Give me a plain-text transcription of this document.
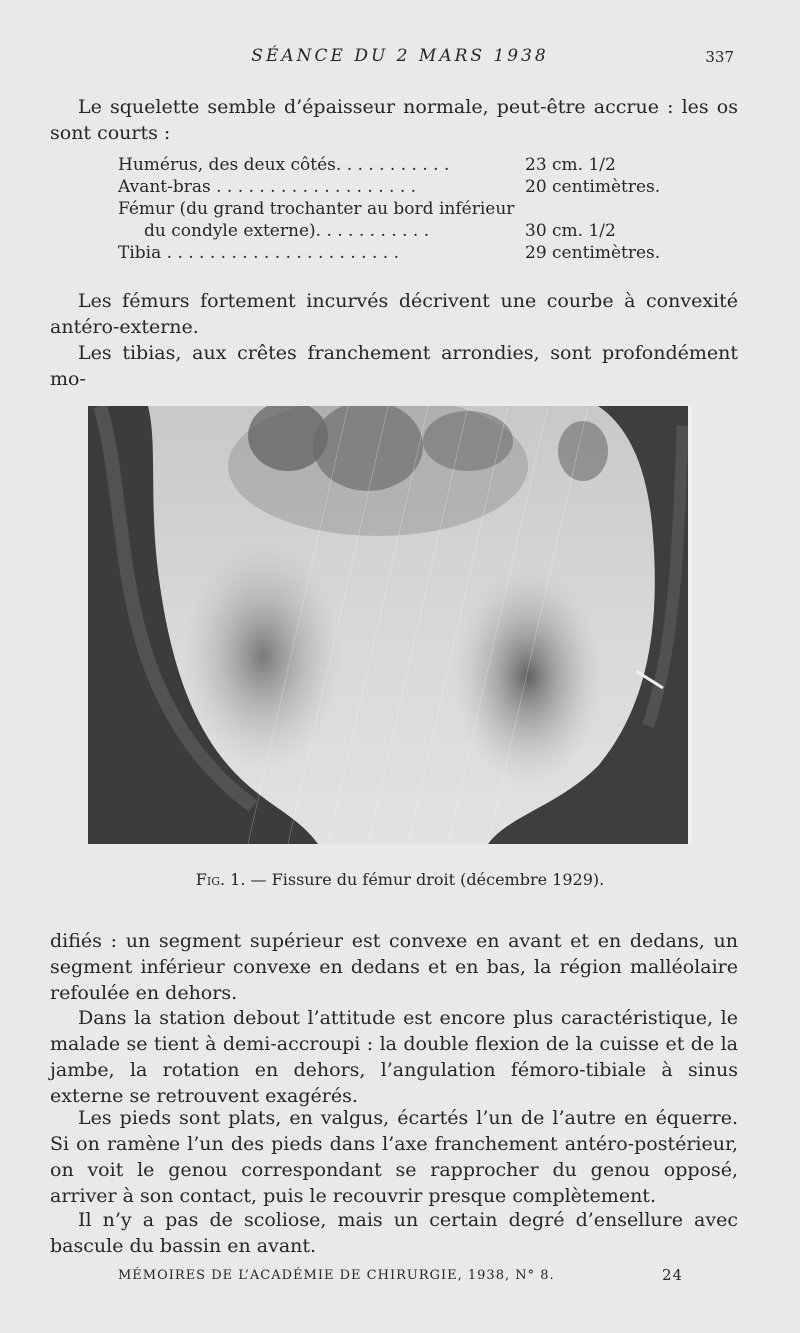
SÉANCE DU 2 MARS 1938	337

Le squelette semble d’épaisseur normale, peut-être accrue : les os sont courts :

Humérus, des deux côtés. . . . . . . . . . .	23 cm. 1/2
Avant-bras . . . . . . . . . . . . . . . . . . .	20 centimètres.
Fémur (du grand trochanter au bord inférieur
du condyle externe). . . . . . . . . . .	30 cm. 1/2
Tibia . . . . . . . . . . . . . . . . . . . . . .	29 centimètres.

Les fémurs fortement incurvés décrivent une courbe à convexité antéro-externe.

Les tibias, aux crêtes franchement arrondies, sont profondément mo-

Fig. 1. — Fissure du fémur droit (décembre 1929).

difiés : un segment supérieur est convexe en avant et en dedans, un segment inférieur convexe en dedans et en bas, la région malléolaire refoulée en dehors.

Dans la station debout l’attitude est encore plus caractéristique, le malade se tient à demi-accroupi : la double flexion de la cuisse et de la jambe, la rotation en dehors, l’angulation fémoro-tibiale à sinus externe se retrouvent exagérés.

Les pieds sont plats, en valgus, écartés l’un de l’autre en équerre. Si on ramène l’un des pieds dans l’axe franchement antéro-postérieur, on voit le genou correspondant se rapprocher du genou opposé, arriver à son contact, puis le recouvrir presque complètement.

Il n’y a pas de scoliose, mais un certain degré d’ensellure avec bascule du bassin en avant.

MÉMOIRES DE L’ACADÉMIE DE CHIRURGIE, 1938, N° 8.	24
